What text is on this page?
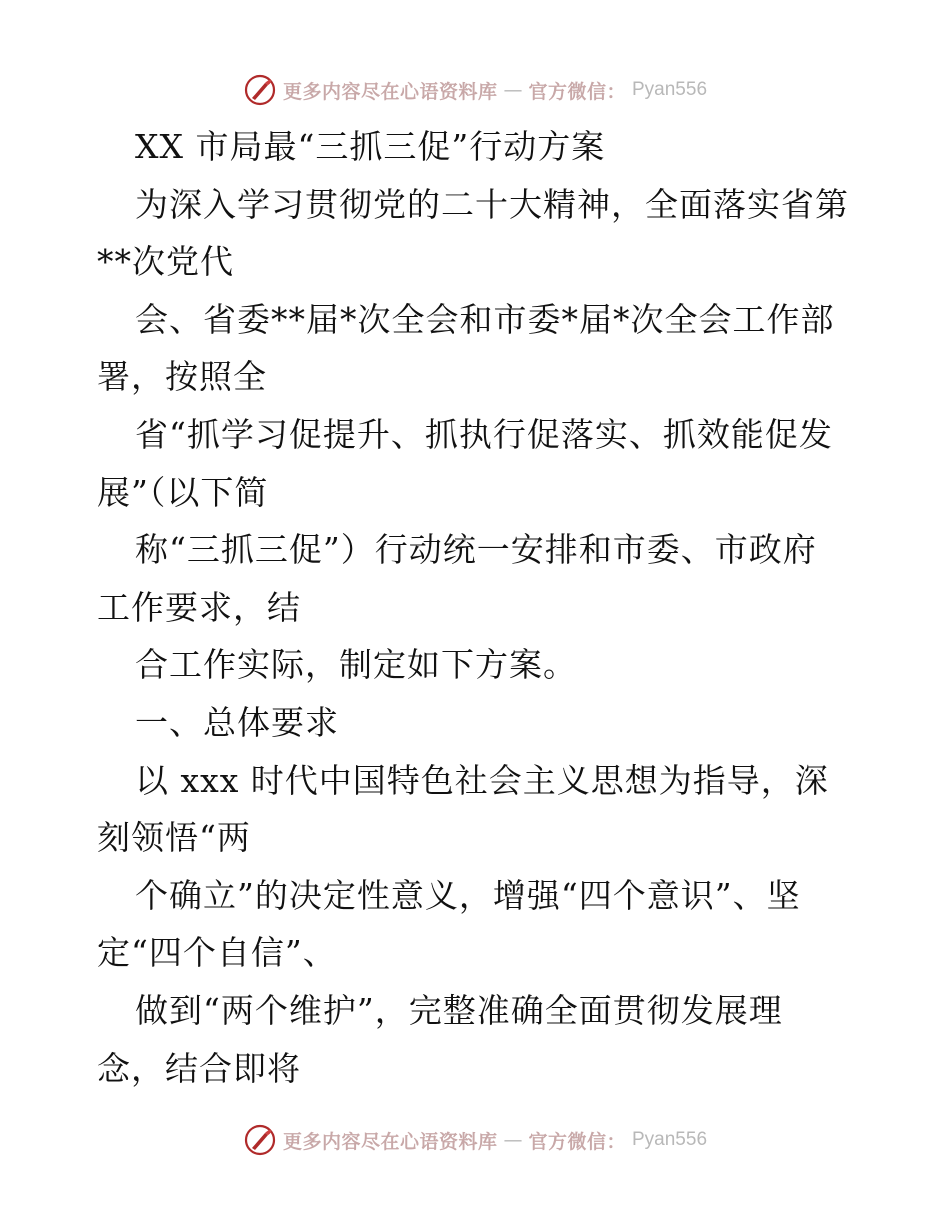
更多内容尽在心语资料库 — 官方微信： Pyan556
XX 市局最“三抓三促”行动方案
为深入学习贯彻党的二十大精神，全面落实省第
**次党代
会、省委**届*次全会和市委*届*次全会工作部
署，按照全
省“抓学习促提升、抓执行促落实、抓效能促发
展”（以下简
称“三抓三促”）行动统一安排和市委、市政府
工作要求，结
合工作实际，制定如下方案。
一、总体要求
以 xxx 时代中国特色社会主义思想为指导，深
刻领悟“两
个确立”的决定性意义，增强“四个意识”、坚
定“四个自信”、
做到“两个维护”，完整准确全面贯彻发展理
念，结合即将
更多内容尽在心语资料库 — 官方微信： Pyan556
